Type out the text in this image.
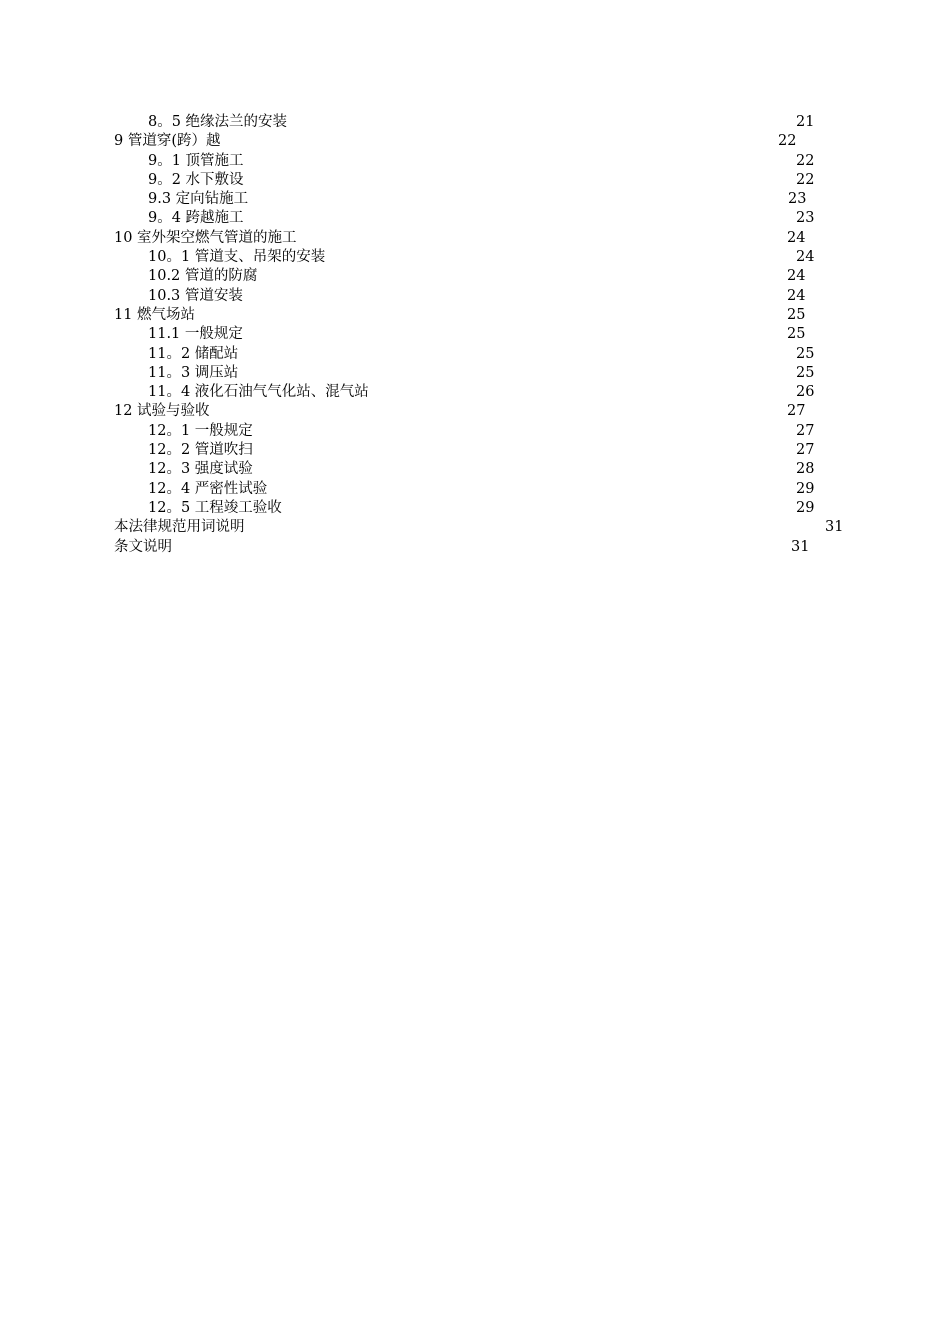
8。5 绝缘法兰的安装	21
9 管道穿(跨）越	22
9。1 顶管施工	22
9。2 水下敷设	22
9.3 定向钻施工	23
9。4 跨越施工	23
10 室外架空燃气管道的施工	24
10。1 管道支、吊架的安装	24
10.2 管道的防腐	24
10.3 管道安装	24
11 燃气场站	25
11.1 一般规定	25
11。2 储配站	25
11。3 调压站	25
11。4 液化石油气气化站、混气站	26
12 试验与验收	27
12。1 一般规定	27
12。2 管道吹扫	27
12。3 强度试验	28
12。4 严密性试验	29
12。5 工程竣工验收	29
本法律规范用词说明	31
条文说明	31
